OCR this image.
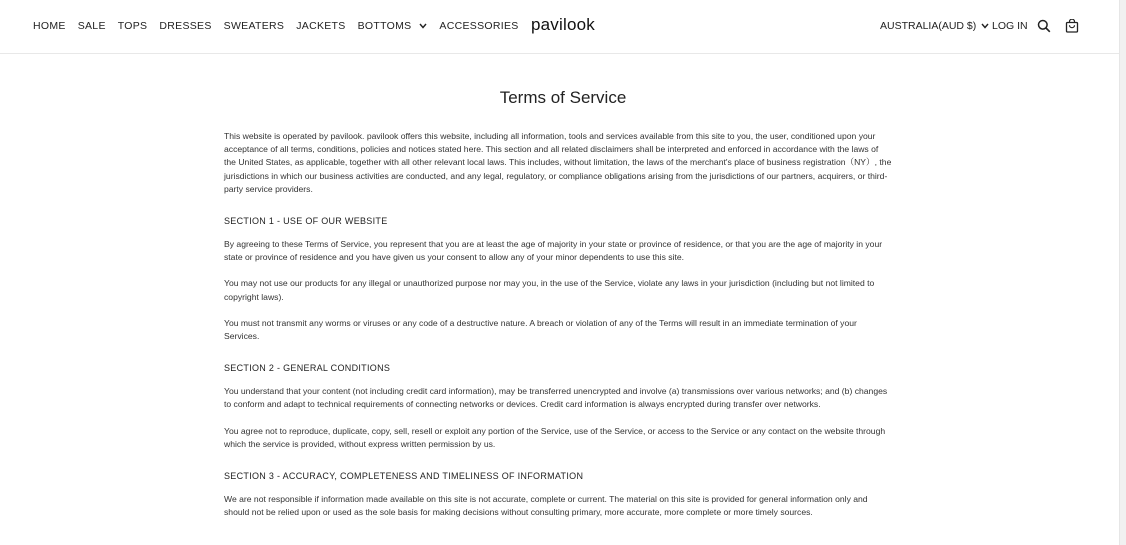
HOME SALE TOPS DRESSES SWEATERS JACKETS BOTTOMS	ACCESSORIES pavilook	AUSTRALIA(AUD $) LOG IN
Terms of Service

This website is operated by pavilook. pavilook offers this website, including all information, tools and services available from this site to you, the user, conditioned upon your acceptance of all terms, conditions, policies and notices stated here. This section and all related disclaimers shall be interpreted and enforced in accordance with the laws of the United States, as applicable, together with all other relevant local laws. This includes, without limitation, the laws of the merchant's place of business registration（NY）, the jurisdictions in which our business activities are conducted, and any legal, regulatory, or compliance obligations arising from the jurisdictions of our partners, acquirers, or third-party service providers.

SECTION 1 - USE OF OUR WEBSITE

By agreeing to these Terms of Service, you represent that you are at least the age of majority in your state or province of residence, or that you are the age of majority in your state or province of residence and you have given us your consent to allow any of your minor dependents to use this site.

You may not use our products for any illegal or unauthorized purpose nor may you, in the use of the Service, violate any laws in your jurisdiction (including but not limited to copyright laws).

You must not transmit any worms or viruses or any code of a destructive nature. A breach or violation of any of the Terms will result in an immediate termination of your Services.

SECTION 2 - GENERAL CONDITIONS

You understand that your content (not including credit card information), may be transferred unencrypted and involve (a) transmissions over various networks; and (b) changes to conform and adapt to technical requirements of connecting networks or devices. Credit card information is always encrypted during transfer over networks.

You agree not to reproduce, duplicate, copy, sell, resell or exploit any portion of the Service, use of the Service, or access to the Service or any contact on the website through which the service is provided, without express written permission by us.

SECTION 3 - ACCURACY, COMPLETENESS AND TIMELINESS OF INFORMATION

We are not responsible if information made available on this site is not accurate, complete or current. The material on this site is provided for general information only and should not be relied upon or used as the sole basis for making decisions without consulting primary, more accurate, more complete or more timely sources.
